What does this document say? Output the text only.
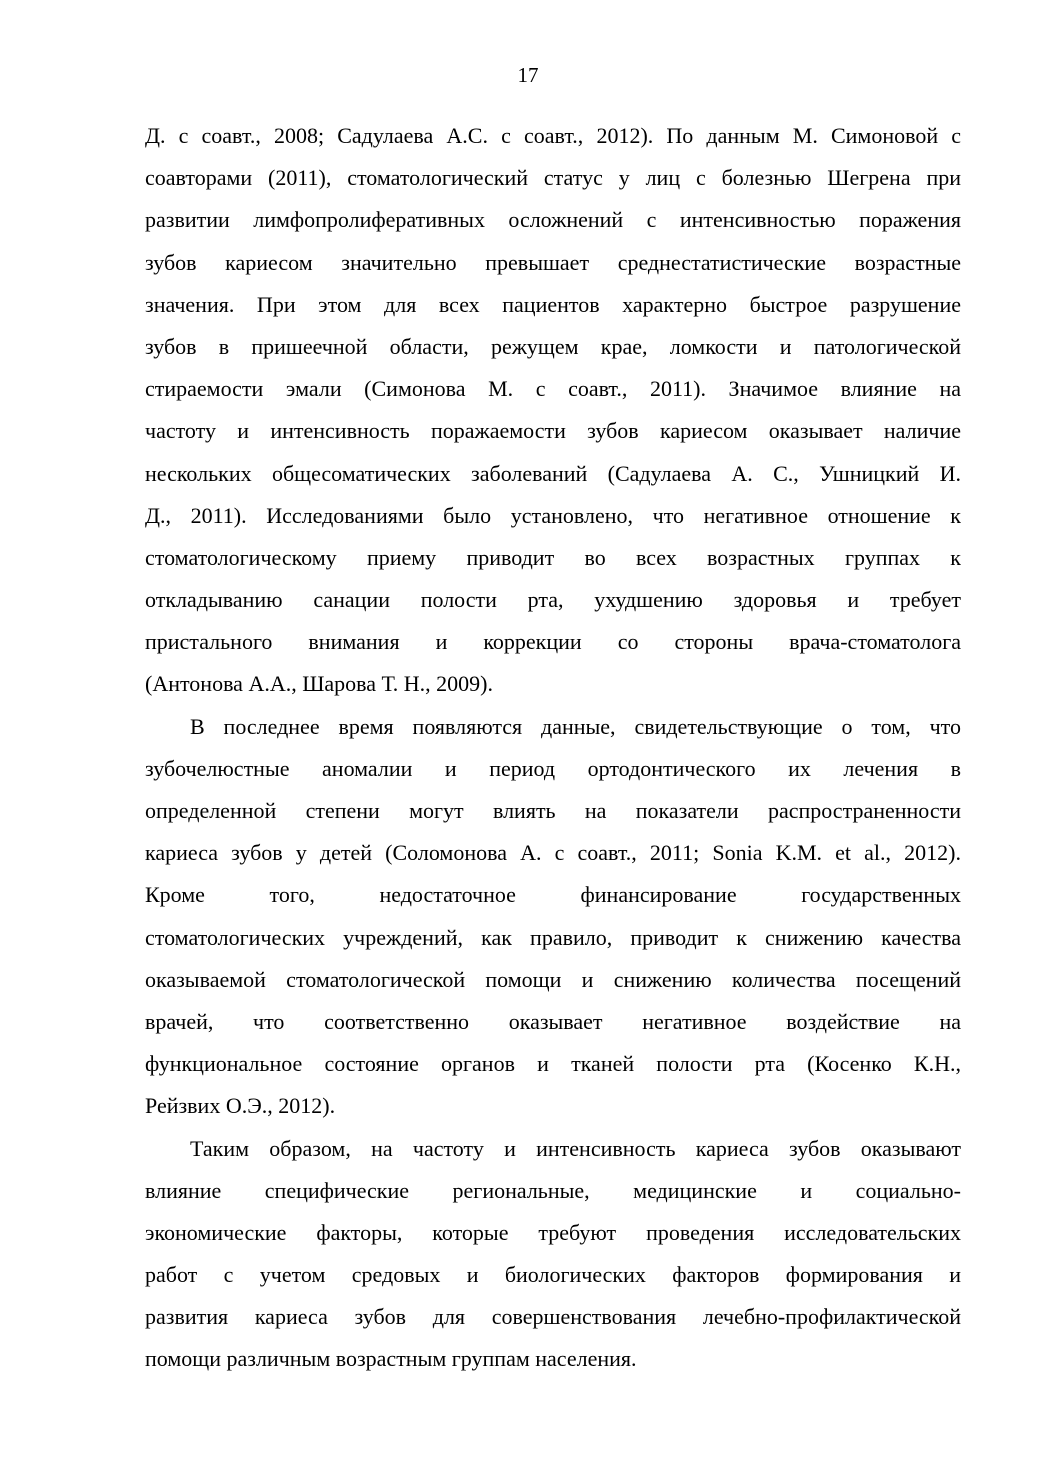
17
Д. с соавт., 2008; Садулаева А.С. с соавт., 2012). По данным М. Симоновой с
соавторами (2011), стоматологический статус у лиц с болезнью Шегрена при
развитии лимфопролиферативных осложнений с интенсивностью поражения
зубов кариесом значительно превышает среднестатистические возрастные
значения. При этом для всех пациентов характерно быстрое разрушение
зубов в пришеечной области, режущем крае, ломкости и патологической
стираемости эмали (Симонова М. с соавт., 2011). Значимое влияние на
частоту и интенсивность поражаемости зубов кариесом оказывает наличие
нескольких общесоматических заболеваний (Садулаева А. С., Ушницкий И.
Д., 2011). Исследованиями было установлено, что негативное отношение к
стоматологическому приему приводит во всех возрастных группах к
откладыванию санации полости рта, ухудшению здоровья и требует
пристального внимания и коррекции со стороны врача-стоматолога
(Антонова А.А., Шарова Т. Н., 2009).
В последнее время появляются данные, свидетельствующие о том, что
зубочелюстные аномалии и период ортодонтического их лечения в
определенной степени могут влиять на показатели распространенности
кариеса зубов у детей (Соломонова А. с соавт., 2011; Sonia K.M. et al., 2012).
Кроме того, недостаточное финансирование государственных
стоматологических учреждений, как правило, приводит к снижению качества
оказываемой стоматологической помощи и снижению количества посещений
врачей, что соответственно оказывает негативное воздействие на
функциональное состояние органов и тканей полости рта (Косенко К.Н.,
Рейзвих О.Э., 2012).
Таким образом, на частоту и интенсивность кариеса зубов оказывают
влияние специфические региональные, медицинские и социально-
экономические факторы, которые требуют проведения исследовательских
работ с учетом средовых и биологических факторов формирования и
развития кариеса зубов для совершенствования лечебно-профилактической
помощи различным возрастным группам населения.
